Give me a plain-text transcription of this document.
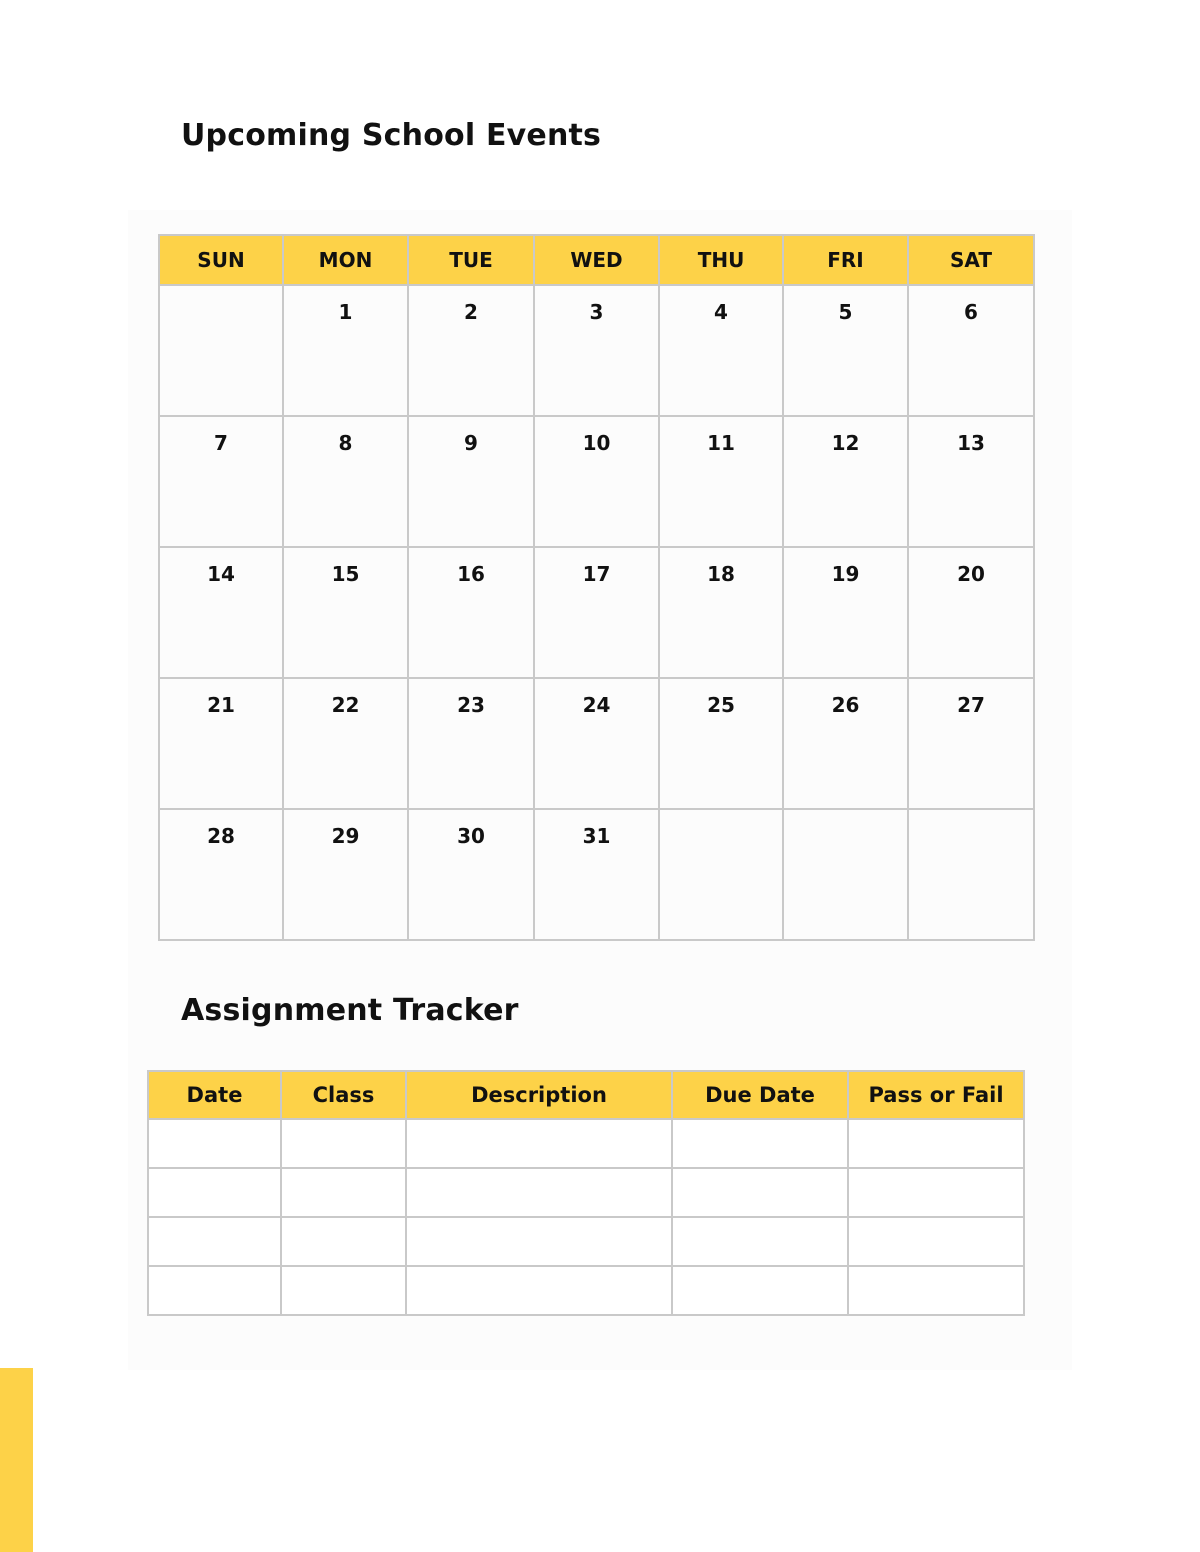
Upcoming School Events
SUN	MON	TUE	WED	THU	FRI	SAT
	1	2	3	4	5	6
7	8	9	10	11	12	13
14	15	16	17	18	19	20
21	22	23	24	25	26	27
28	29	30	31			
Assignment Tracker
Date	Class	Description	Due Date	Pass or Fail
